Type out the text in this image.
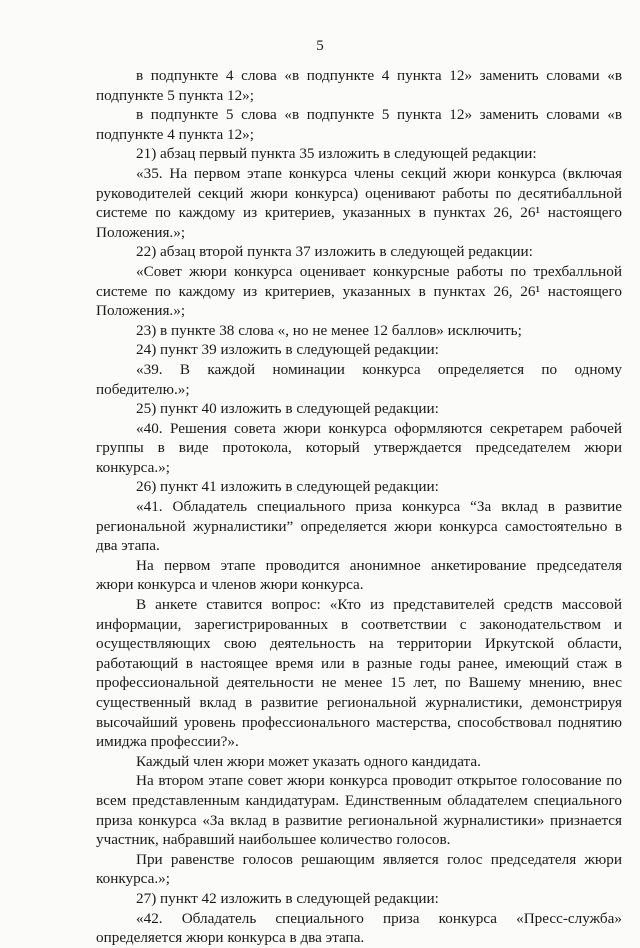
5

в подпункте 4 слова «в подпункте 4 пункта 12» заменить словами «в подпункте 5 пункта 12»;

в подпункте 5 слова «в подпункте 5 пункта 12» заменить словами «в подпункте 4 пункта 12»;

21) абзац первый пункта 35 изложить в следующей редакции:

«35. На первом этапе конкурса члены секций жюри конкурса (включая руководителей секций жюри конкурса) оценивают работы по десятибалльной системе по каждому из критериев, указанных в пунктах 26, 26¹ настоящего Положения.»;

22) абзац второй пункта 37 изложить в следующей редакции:

«Совет жюри конкурса оценивает конкурсные работы по трехбалльной системе по каждому из критериев, указанных в пунктах 26, 26¹ настоящего Положения.»;

23) в пункте 38 слова «, но не менее 12 баллов» исключить;

24) пункт 39 изложить в следующей редакции:

«39. В каждой номинации конкурса определяется по одному победителю.»;

25) пункт 40 изложить в следующей редакции:

«40. Решения совета жюри конкурса оформляются секретарем рабочей группы в виде протокола, который утверждается председателем жюри конкурса.»;

26) пункт 41 изложить в следующей редакции:

«41. Обладатель специального приза конкурса “За вклад в развитие региональной журналистики” определяется жюри конкурса самостоятельно в два этапа.

На первом этапе проводится анонимное анкетирование председателя жюри конкурса и членов жюри конкурса.

В анкете ставится вопрос: «Кто из представителей средств массовой информации, зарегистрированных в соответствии с законодательством и осуществляющих свою деятельность на территории Иркутской области, работающий в настоящее время или в разные годы ранее, имеющий стаж в профессиональной деятельности не менее 15 лет, по Вашему мнению, внес существенный вклад в развитие региональной журналистики, демонстрируя высочайший уровень профессионального мастерства, способствовал поднятию имиджа профессии?».

Каждый член жюри может указать одного кандидата.

На втором этапе совет жюри конкурса проводит открытое голосование по всем представленным кандидатурам. Единственным обладателем специального приза конкурса «За вклад в развитие региональной журналистики» признается участник, набравший наибольшее количество голосов.

При равенстве голосов решающим является голос председателя жюри конкурса.»;

27) пункт 42 изложить в следующей редакции:

«42. Обладатель специального приза конкурса «Пресс-служба» определяется жюри конкурса в два этапа.
